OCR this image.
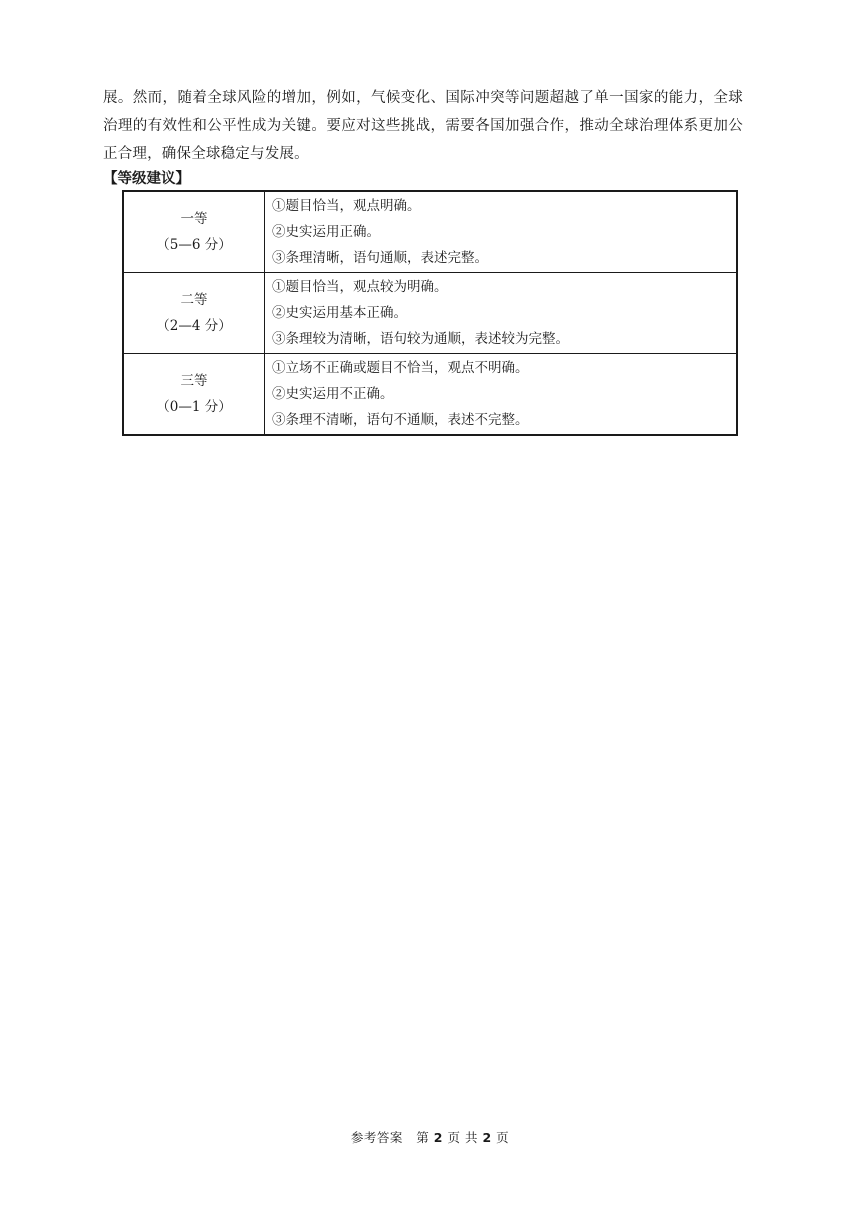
展。然而，随着全球风险的增加，例如，气候变化、国际冲突等问题超越了单一国家的能力，全球治理的有效性和公平性成为关键。要应对这些挑战，需要各国加强合作，推动全球治理体系更加公正合理，确保全球稳定与发展。
【等级建议】
一等
（5—6 分）	①题目恰当，观点明确。
②史实运用正确。
③条理清晰，语句通顺，表述完整。

二等
（2—4 分）	①题目恰当，观点较为明确。
②史实运用基本正确。
③条理较为清晰，语句较为通顺，表述较为完整。

三等
（0—1 分）	①立场不正确或题目不恰当，观点不明确。
②史实运用不正确。
③条理不清晰，语句不通顺，表述不完整。
参考答案 第 2 页 共 2 页
